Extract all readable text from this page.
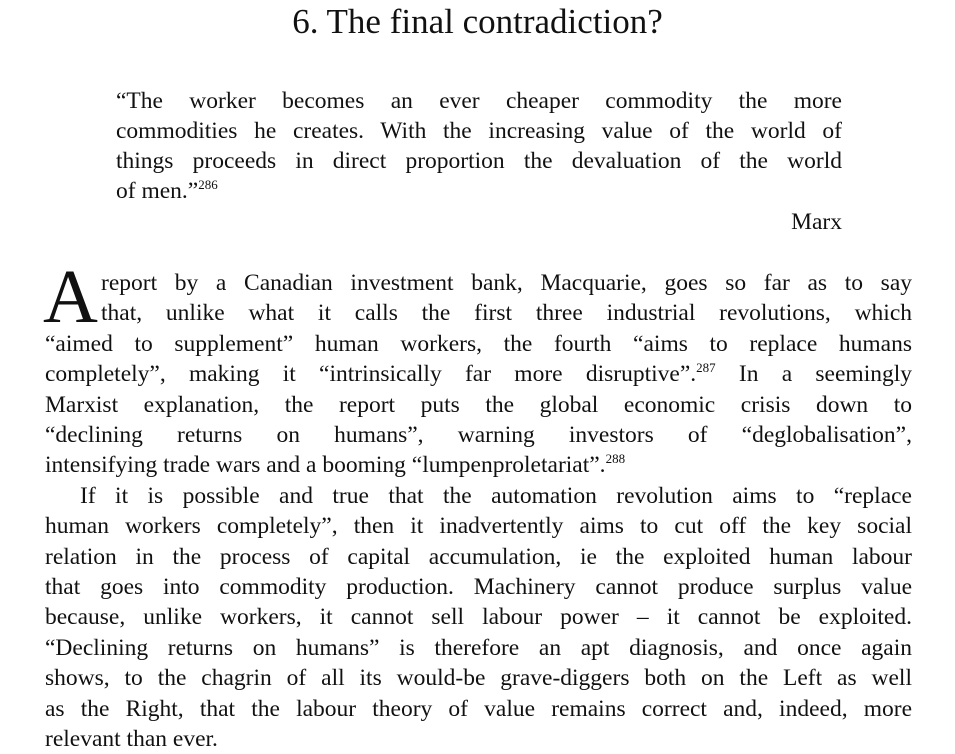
6. The final contradiction?
“The worker becomes an ever cheaper commodity the more
commodities he creates. With the increasing value of the world of
things proceeds in direct proportion the devaluation of the world
of men.”$^{286}$
Marx
A report by a Canadian investment bank, Macquarie, goes so far as to say
that, unlike what it calls the first three industrial revolutions, which
“aimed to supplement” human workers, the fourth “aims to replace humans
completely”, making it “intrinsically far more disruptive”.$^{287}$ In a seemingly
Marxist explanation, the report puts the global economic crisis down to
“declining returns on humans”, warning investors of “deglobalisation”,
intensifying trade wars and a booming “lumpenproletariat”.$^{288}$
If it is possible and true that the automation revolution aims to “replace
human workers completely”, then it inadvertently aims to cut off the key social
relation in the process of capital accumulation, ie the exploited human labour
that goes into commodity production. Machinery cannot produce surplus value
because, unlike workers, it cannot sell labour power – it cannot be exploited.
“Declining returns on humans” is therefore an apt diagnosis, and once again
shows, to the chagrin of all its would-be grave-diggers both on the Left as well
as the Right, that the labour theory of value remains correct and, indeed, more
relevant than ever.
